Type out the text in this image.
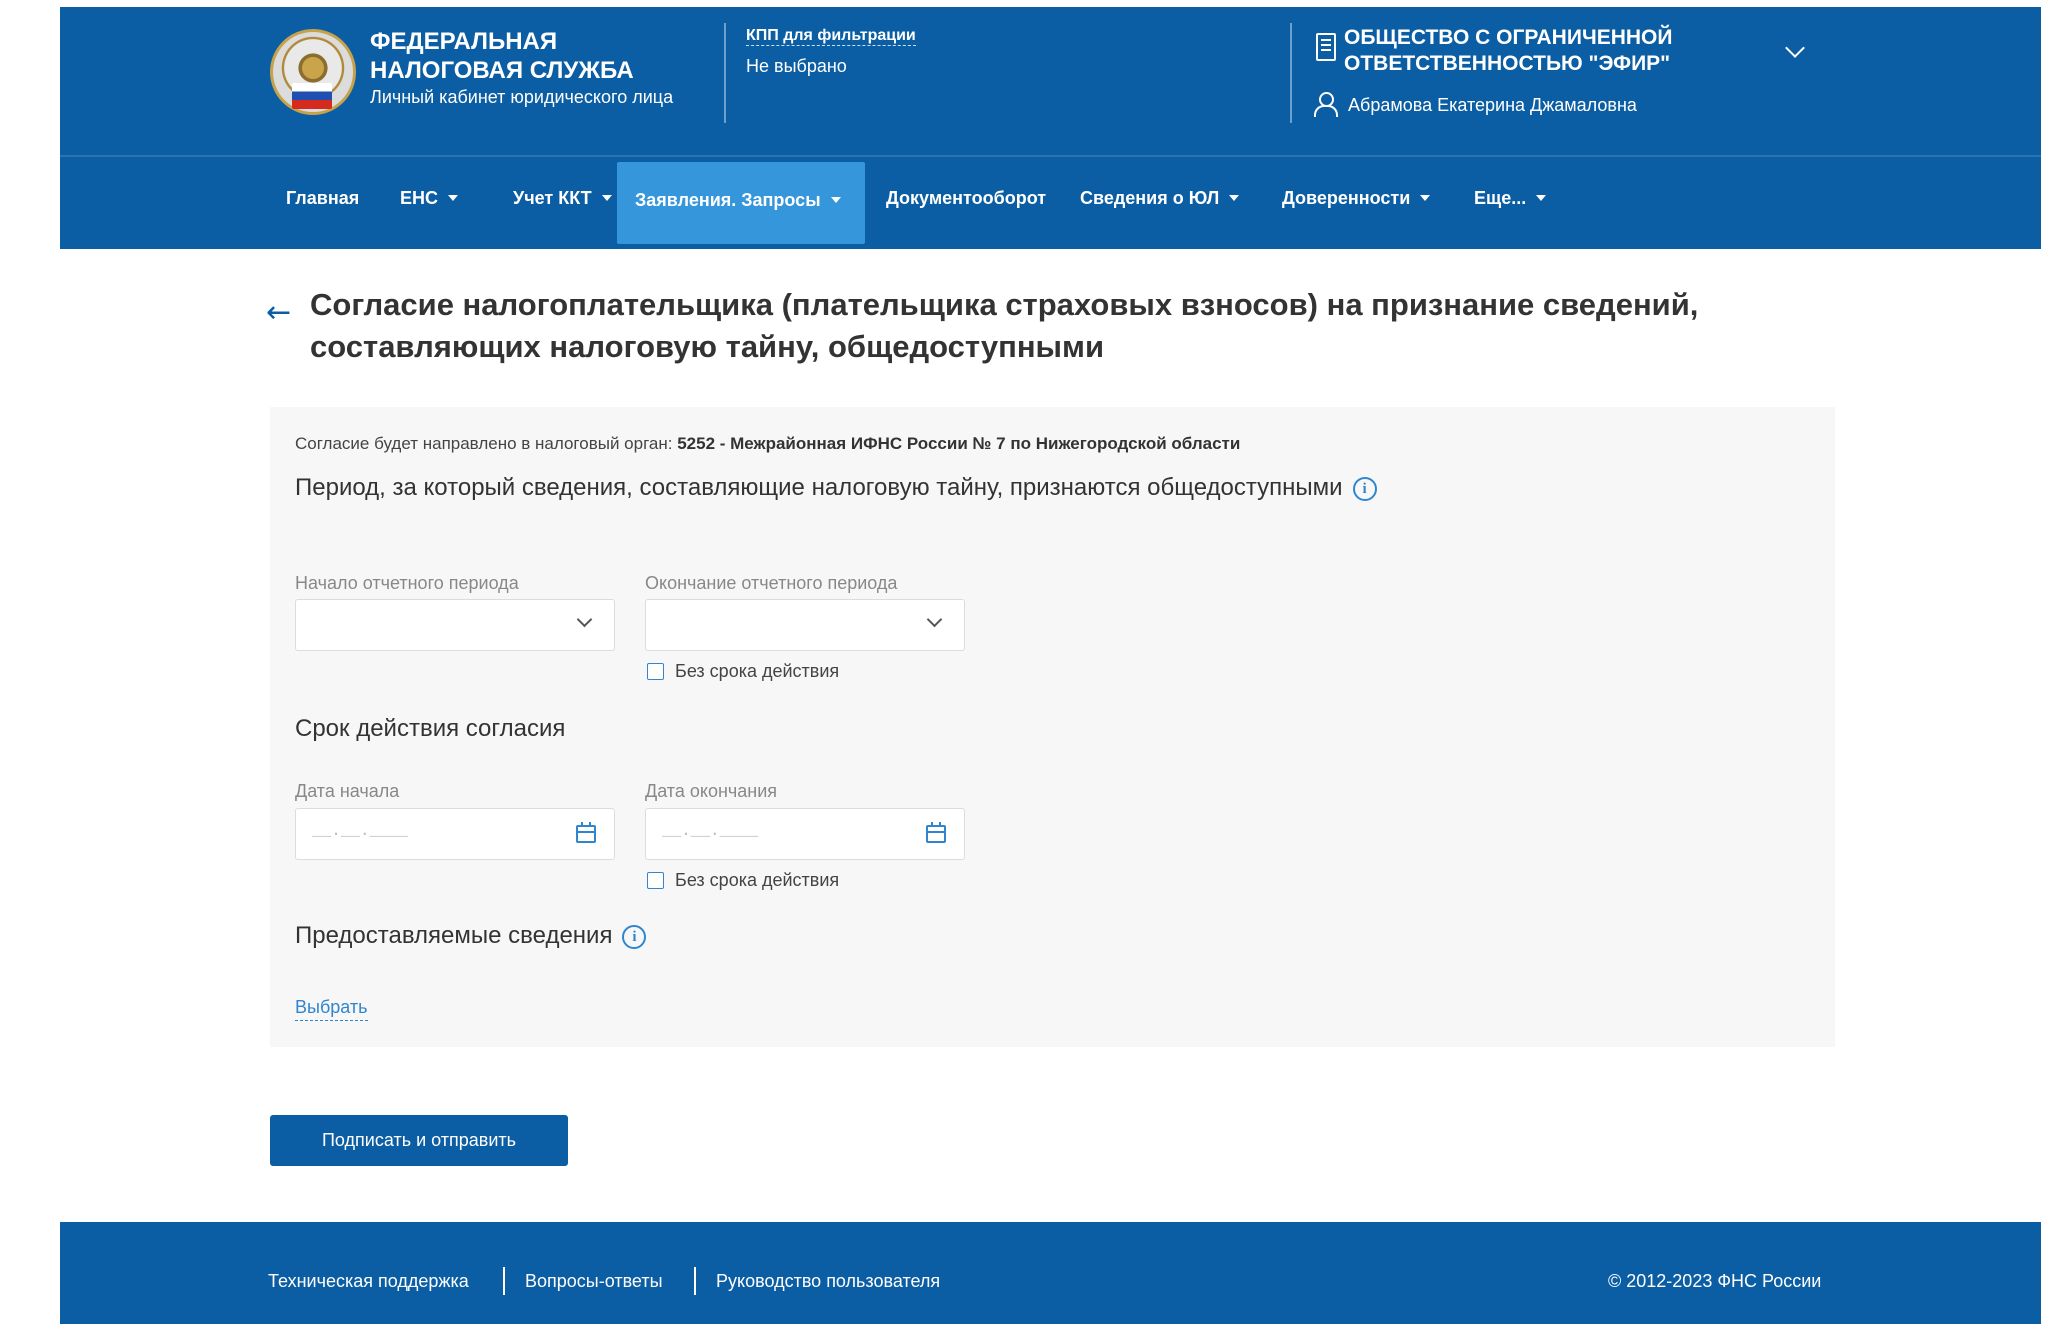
ФЕДЕРАЛЬНАЯ
НАЛОГОВАЯ СЛУЖБА
Личный кабинет юридического лица
КПП для фильтрации
Не выбрано
ОБЩЕСТВО С ОГРАНИЧЕННОЙ ОТВЕТСТВЕННОСТЬЮ "ЭФИР"
Абрамова Екатерина Джамаловна
Главная	ЕНС	Учет ККТ	Заявления. Запросы	Документооборот	Сведения о ЮЛ	Доверенности	Еще...
← Согласие налогоплательщика (плательщика страховых взносов) на признание сведений, составляющих налоговую тайну, общедоступными
Согласие будет направлено в налоговый орган: 5252 - Межрайонная ИФНС России № 7 по Нижегородской области
Период, за который сведения, составляющие налоговую тайну, признаются общедоступными i
Начало отчетного периода	Окончание отчетного периода
Без срока действия
Срок действия согласия
Дата начала
__.__.____
Дата окончания
__.__.____
Без срока действия
Предоставляемые сведения i
Выбрать
Подписать и отправить
Техническая поддержка	Вопросы-ответы	Руководство пользователя	© 2012-2023 ФНС России
